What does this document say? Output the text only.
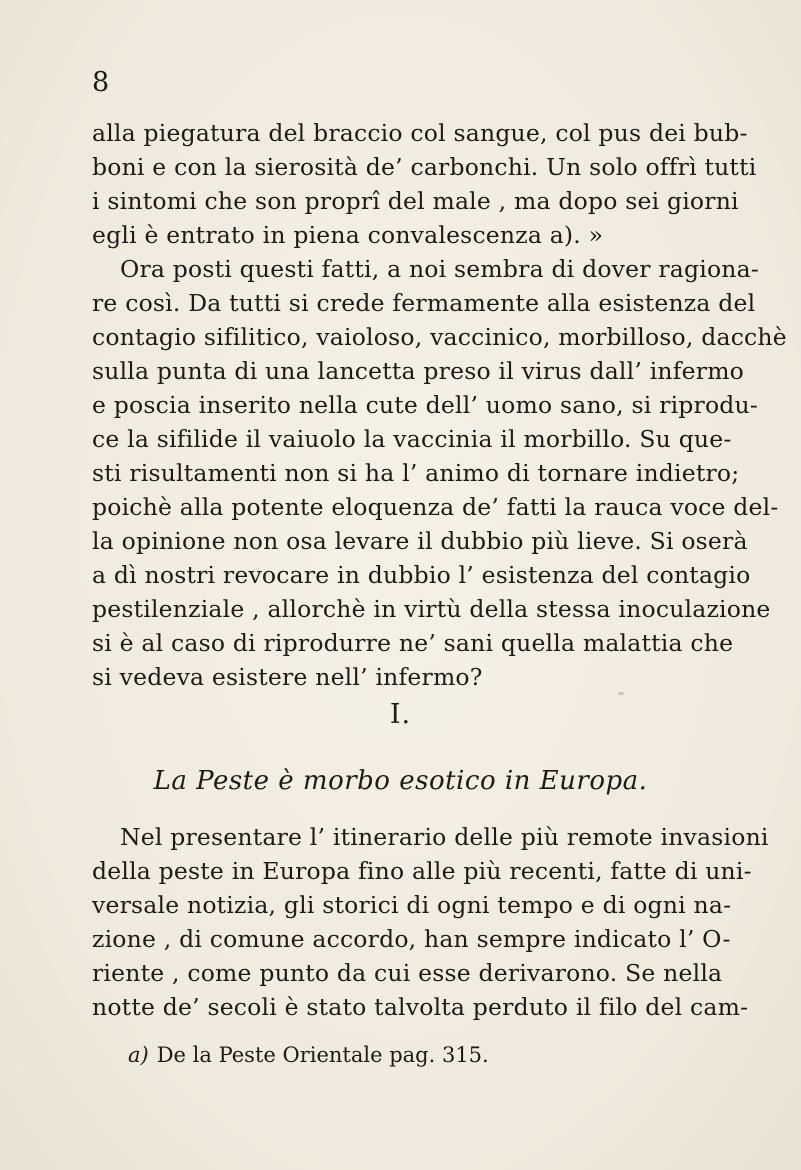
8
alla piegatura del braccio col sangue, col pus dei bub-
boni e con la sierosità de’ carbonchi. Un solo offrì tutti
i sintomi che son proprî del male , ma dopo sei giorni
egli è entrato in piena convalescenza a). »
Ora posti questi fatti, a noi sembra di dover ragiona-
re così. Da tutti si crede fermamente alla esistenza del
contagio sifilitico, vaioloso, vaccinico, morbilloso, dacchè
sulla punta di una lancetta preso il virus dall’ infermo
e poscia inserito nella cute dell’ uomo sano, si riprodu-
ce la sifilide il vaiuolo la vaccinia il morbillo. Su que-
sti risultamenti non si ha l’ animo di tornare indietro;
poichè alla potente eloquenza de’ fatti la rauca voce del-
la opinione non osa levare il dubbio più lieve. Si oserà
a dì nostri revocare in dubbio l’ esistenza del contagio
pestilenziale , allorchè in virtù della stessa inoculazione
si è al caso di riprodurre ne’ sani quella malattia che
si vedeva esistere nell’ infermo?
I.
La Peste è morbo esotico in Europa.
Nel presentare l’ itinerario delle più remote invasioni
della peste in Europa fino alle più recenti, fatte di uni-
versale notizia, gli storici di ogni tempo e di ogni na-
zione , di comune accordo, han sempre indicato l’ O-
riente , come punto da cui esse derivarono. Se nella
notte de’ secoli è stato talvolta perduto il filo del cam-
a) De la Peste Orientale pag. 315.
